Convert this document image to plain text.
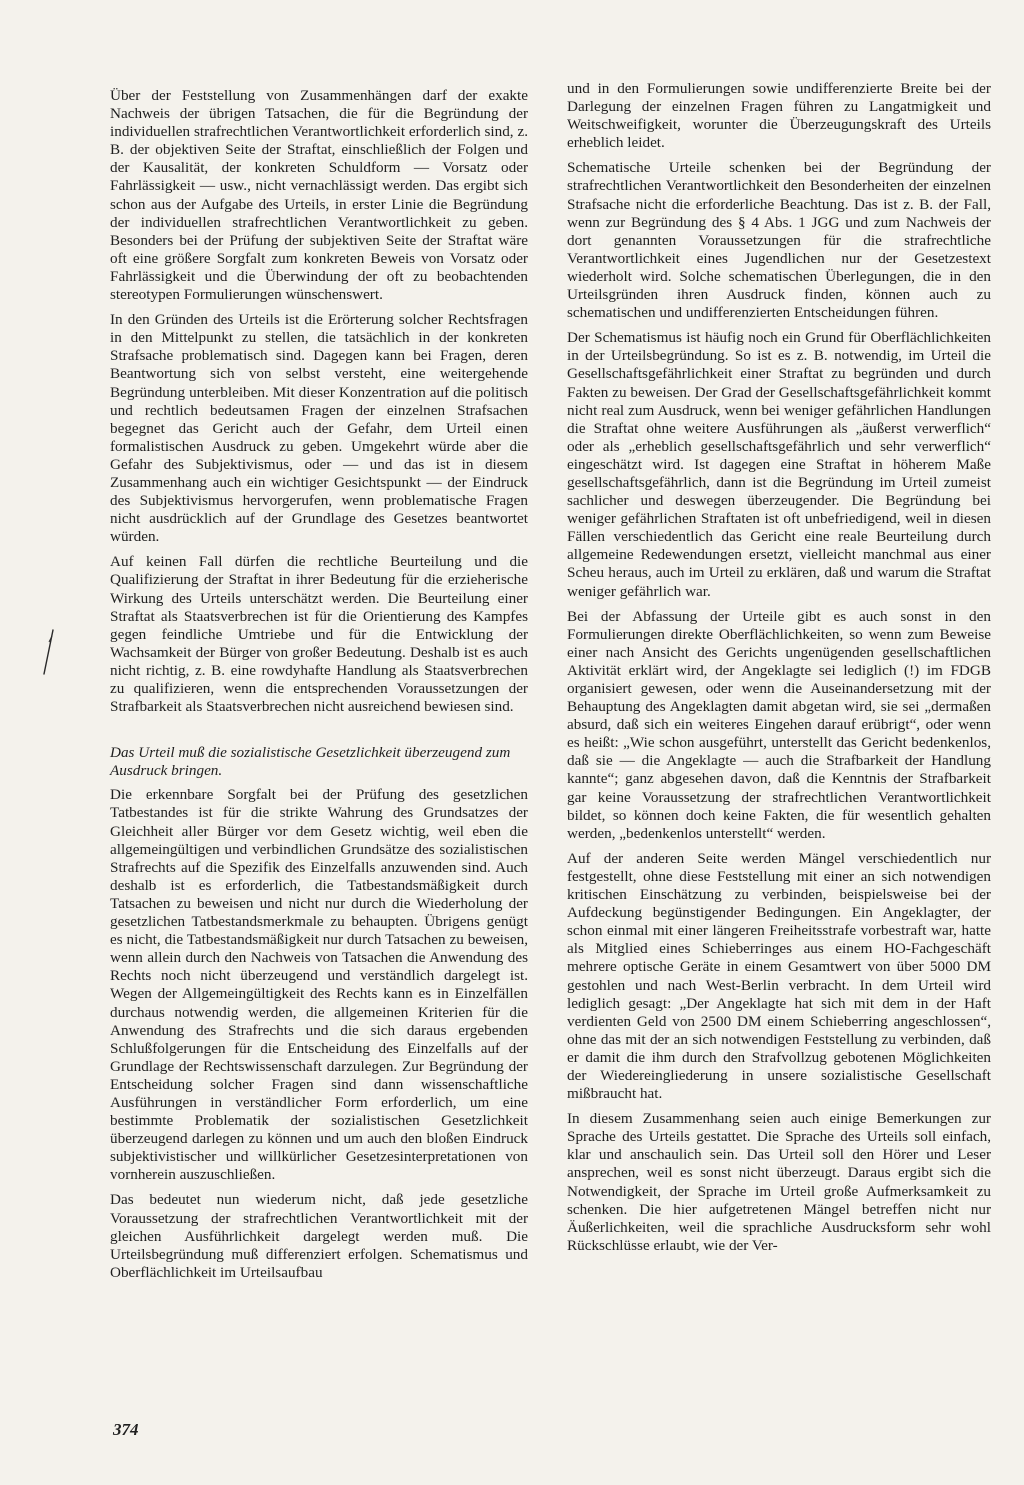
Über der Feststellung von Zusammenhängen darf der exakte Nachweis der übrigen Tatsachen, die für die Begründung der individuellen strafrechtlichen Verantwortlichkeit erforderlich sind, z. B. der objektiven Seite der Straftat, einschließlich der Folgen und der Kausalität, der konkreten Schuldform — Vorsatz oder Fahrlässigkeit — usw., nicht vernachlässigt werden. Das ergibt sich schon aus der Aufgabe des Urteils, in erster Linie die Begründung der individuellen strafrechtlichen Verantwortlichkeit zu geben. Besonders bei der Prüfung der subjektiven Seite der Straftat wäre oft eine größere Sorgfalt zum konkreten Beweis von Vorsatz oder Fahrlässigkeit und die Überwindung der oft zu beobachtenden stereotypen Formulierungen wünschenswert.

In den Gründen des Urteils ist die Erörterung solcher Rechtsfragen in den Mittelpunkt zu stellen, die tatsächlich in der konkreten Strafsache problematisch sind. Dagegen kann bei Fragen, deren Beantwortung sich von selbst versteht, eine weitergehende Begründung unterbleiben. Mit dieser Konzentration auf die politisch und rechtlich bedeutsamen Fragen der einzelnen Strafsachen begegnet das Gericht auch der Gefahr, dem Urteil einen formalistischen Ausdruck zu geben. Umgekehrt würde aber die Gefahr des Subjektivismus, oder — und das ist in diesem Zusammenhang auch ein wichtiger Gesichtspunkt — der Eindruck des Subjektivismus hervorgerufen, wenn problematische Fragen nicht ausdrücklich auf der Grundlage des Gesetzes beantwortet würden.

Auf keinen Fall dürfen die rechtliche Beurteilung und die Qualifizierung der Straftat in ihrer Bedeutung für die erzieherische Wirkung des Urteils unterschätzt werden. Die Beurteilung einer Straftat als Staatsverbrechen ist für die Orientierung des Kampfes gegen feindliche Umtriebe und für die Entwicklung der Wachsamkeit der Bürger von großer Bedeutung. Deshalb ist es auch nicht richtig, z. B. eine rowdyhafte Handlung als Staatsverbrechen zu qualifizieren, wenn die entsprechenden Voraussetzungen der Strafbarkeit als Staatsverbrechen nicht ausreichend bewiesen sind.

Das Urteil muß die sozialistische Gesetzlichkeit überzeugend zum Ausdruck bringen.

Die erkennbare Sorgfalt bei der Prüfung des gesetzlichen Tatbestandes ist für die strikte Wahrung des Grundsatzes der Gleichheit aller Bürger vor dem Gesetz wichtig, weil eben die allgemeingültigen und verbindlichen Grundsätze des sozialistischen Strafrechts auf die Spezifik des Einzelfalls anzuwenden sind. Auch deshalb ist es erforderlich, die Tatbestandsmäßigkeit durch Tatsachen zu beweisen und nicht nur durch die Wiederholung der gesetzlichen Tatbestandsmerkmale zu behaupten. Übrigens genügt es nicht, die Tatbestandsmäßigkeit nur durch Tatsachen zu beweisen, wenn allein durch den Nachweis von Tatsachen die Anwendung des Rechts noch nicht überzeugend und verständlich dargelegt ist. Wegen der Allgemeingültigkeit des Rechts kann es in Einzelfällen durchaus notwendig werden, die allgemeinen Kriterien für die Anwendung des Strafrechts und die sich daraus ergebenden Schlußfolgerungen für die Entscheidung des Einzelfalls auf der Grundlage der Rechtswissenschaft darzulegen. Zur Begründung der Entscheidung solcher Fragen sind dann wissenschaftliche Ausführungen in verständlicher Form erforderlich, um eine bestimmte Problematik der sozialistischen Gesetzlichkeit überzeugend darlegen zu können und um auch den bloßen Eindruck subjektivistischer und willkürlicher Gesetzesinterpretationen von vornherein auszuschließen.

Das bedeutet nun wiederum nicht, daß jede gesetzliche Voraussetzung der strafrechtlichen Verantwortlichkeit mit der gleichen Ausführlichkeit dargelegt werden muß. Die Urteilsbegründung muß differenziert erfolgen. Schematismus und Oberflächlichkeit im Urteilsaufbau

und in den Formulierungen sowie undifferenzierte Breite bei der Darlegung der einzelnen Fragen führen zu Langatmigkeit und Weitschweifigkeit, worunter die Überzeugungskraft des Urteils erheblich leidet.

Schematische Urteile schenken bei der Begründung der strafrechtlichen Verantwortlichkeit den Besonderheiten der einzelnen Strafsache nicht die erforderliche Beachtung. Das ist z. B. der Fall, wenn zur Begründung des § 4 Abs. 1 JGG und zum Nachweis der dort genannten Voraussetzungen für die strafrechtliche Verantwortlichkeit eines Jugendlichen nur der Gesetzestext wiederholt wird. Solche schematischen Überlegungen, die in den Urteilsgründen ihren Ausdruck finden, können auch zu schematischen und undifferenzierten Entscheidungen führen.

Der Schematismus ist häufig noch ein Grund für Oberflächlichkeiten in der Urteilsbegründung. So ist es z. B. notwendig, im Urteil die Gesellschaftsgefährlichkeit einer Straftat zu begründen und durch Fakten zu beweisen. Der Grad der Gesellschaftsgefährlichkeit kommt nicht real zum Ausdruck, wenn bei weniger gefährlichen Handlungen die Straftat ohne weitere Ausführungen als „äußerst verwerflich“ oder als „erheblich gesellschaftsgefährlich und sehr verwerflich“ eingeschätzt wird. Ist dagegen eine Straftat in höherem Maße gesellschaftsgefährlich, dann ist die Begründung im Urteil zumeist sachlicher und deswegen überzeugender. Die Begründung bei weniger gefährlichen Straftaten ist oft unbefriedigend, weil in diesen Fällen verschiedentlich das Gericht eine reale Beurteilung durch allgemeine Redewendungen ersetzt, vielleicht manchmal aus einer Scheu heraus, auch im Urteil zu erklären, daß und warum die Straftat weniger gefährlich war.

Bei der Abfassung der Urteile gibt es auch sonst in den Formulierungen direkte Oberflächlichkeiten, so wenn zum Beweise einer nach Ansicht des Gerichts ungenügenden gesellschaftlichen Aktivität erklärt wird, der Angeklagte sei lediglich (!) im FDGB organisiert gewesen, oder wenn die Auseinandersetzung mit der Behauptung des Angeklagten damit abgetan wird, sie sei „dermaßen absurd, daß sich ein weiteres Eingehen darauf erübrigt“, oder wenn es heißt: „Wie schon ausgeführt, unterstellt das Gericht bedenkenlos, daß sie — die Angeklagte — auch die Strafbarkeit der Handlung kannte“; ganz abgesehen davon, daß die Kenntnis der Strafbarkeit gar keine Voraussetzung der strafrechtlichen Verantwortlichkeit bildet, so können doch keine Fakten, die für wesentlich gehalten werden, „bedenkenlos unterstellt“ werden.

Auf der anderen Seite werden Mängel verschiedentlich nur festgestellt, ohne diese Feststellung mit einer an sich notwendigen kritischen Einschätzung zu verbinden, beispielsweise bei der Aufdeckung begünstigender Bedingungen. Ein Angeklagter, der schon einmal mit einer längeren Freiheitsstrafe vorbestraft war, hatte als Mitglied eines Schieberringes aus einem HO-Fachgeschäft mehrere optische Geräte in einem Gesamtwert von über 5000 DM gestohlen und nach West-Berlin verbracht. In dem Urteil wird lediglich gesagt: „Der Angeklagte hat sich mit dem in der Haft verdienten Geld von 2500 DM einem Schieberring angeschlossen“, ohne das mit der an sich notwendigen Feststellung zu verbinden, daß er damit die ihm durch den Strafvollzug gebotenen Möglichkeiten der Wiedereingliederung in unsere sozialistische Gesellschaft mißbraucht hat.

In diesem Zusammenhang seien auch einige Bemerkungen zur Sprache des Urteils gestattet. Die Sprache des Urteils soll einfach, klar und anschaulich sein. Das Urteil soll den Hörer und Leser ansprechen, weil es sonst nicht überzeugt. Daraus ergibt sich die Notwendigkeit, der Sprache im Urteil große Aufmerksamkeit zu schenken. Die hier aufgetretenen Mängel betreffen nicht nur Äußerlichkeiten, weil die sprachliche Ausdrucksform sehr wohl Rückschlüsse erlaubt, wie der Ver-

374
